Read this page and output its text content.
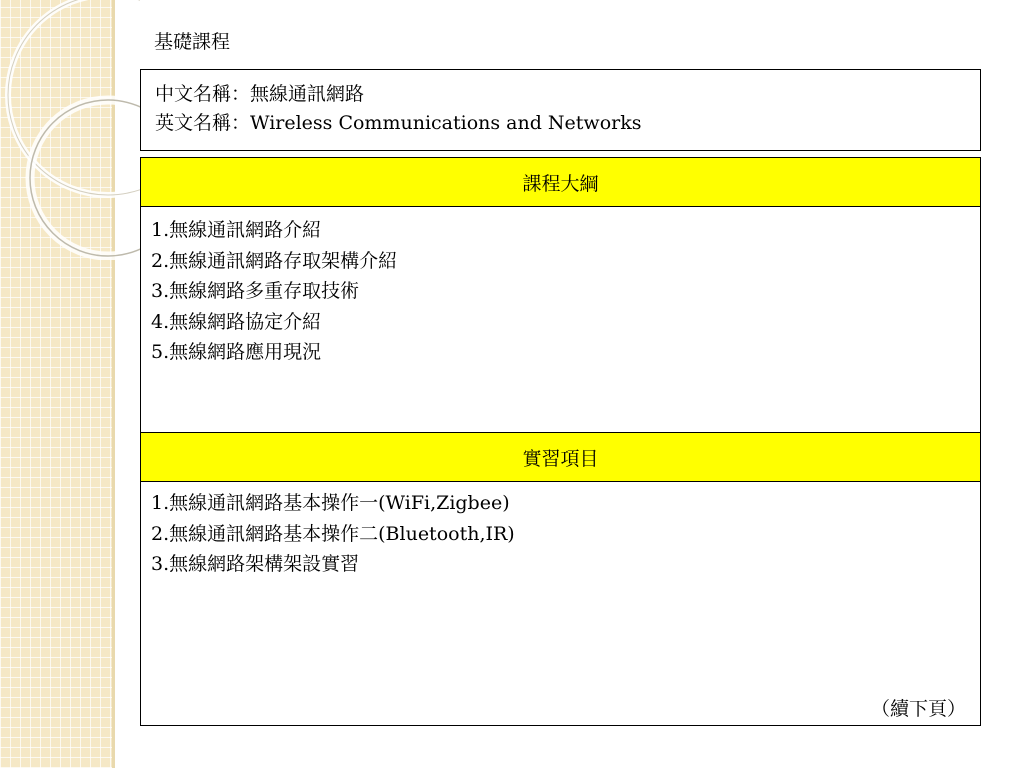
基礎課程
中文名稱：無線通訊網路
英文名稱：Wireless Communications and Networks
課程大綱
1.無線通訊網路介紹
2.無線通訊網路存取架構介紹
3.無線網路多重存取技術
4.無線網路協定介紹
5.無線網路應用現況
實習項目
1.無線通訊網路基本操作一(WiFi,Zigbee)
2.無線通訊網路基本操作二(Bluetooth,IR)
3.無線網路架構架設實習
（續下頁）
